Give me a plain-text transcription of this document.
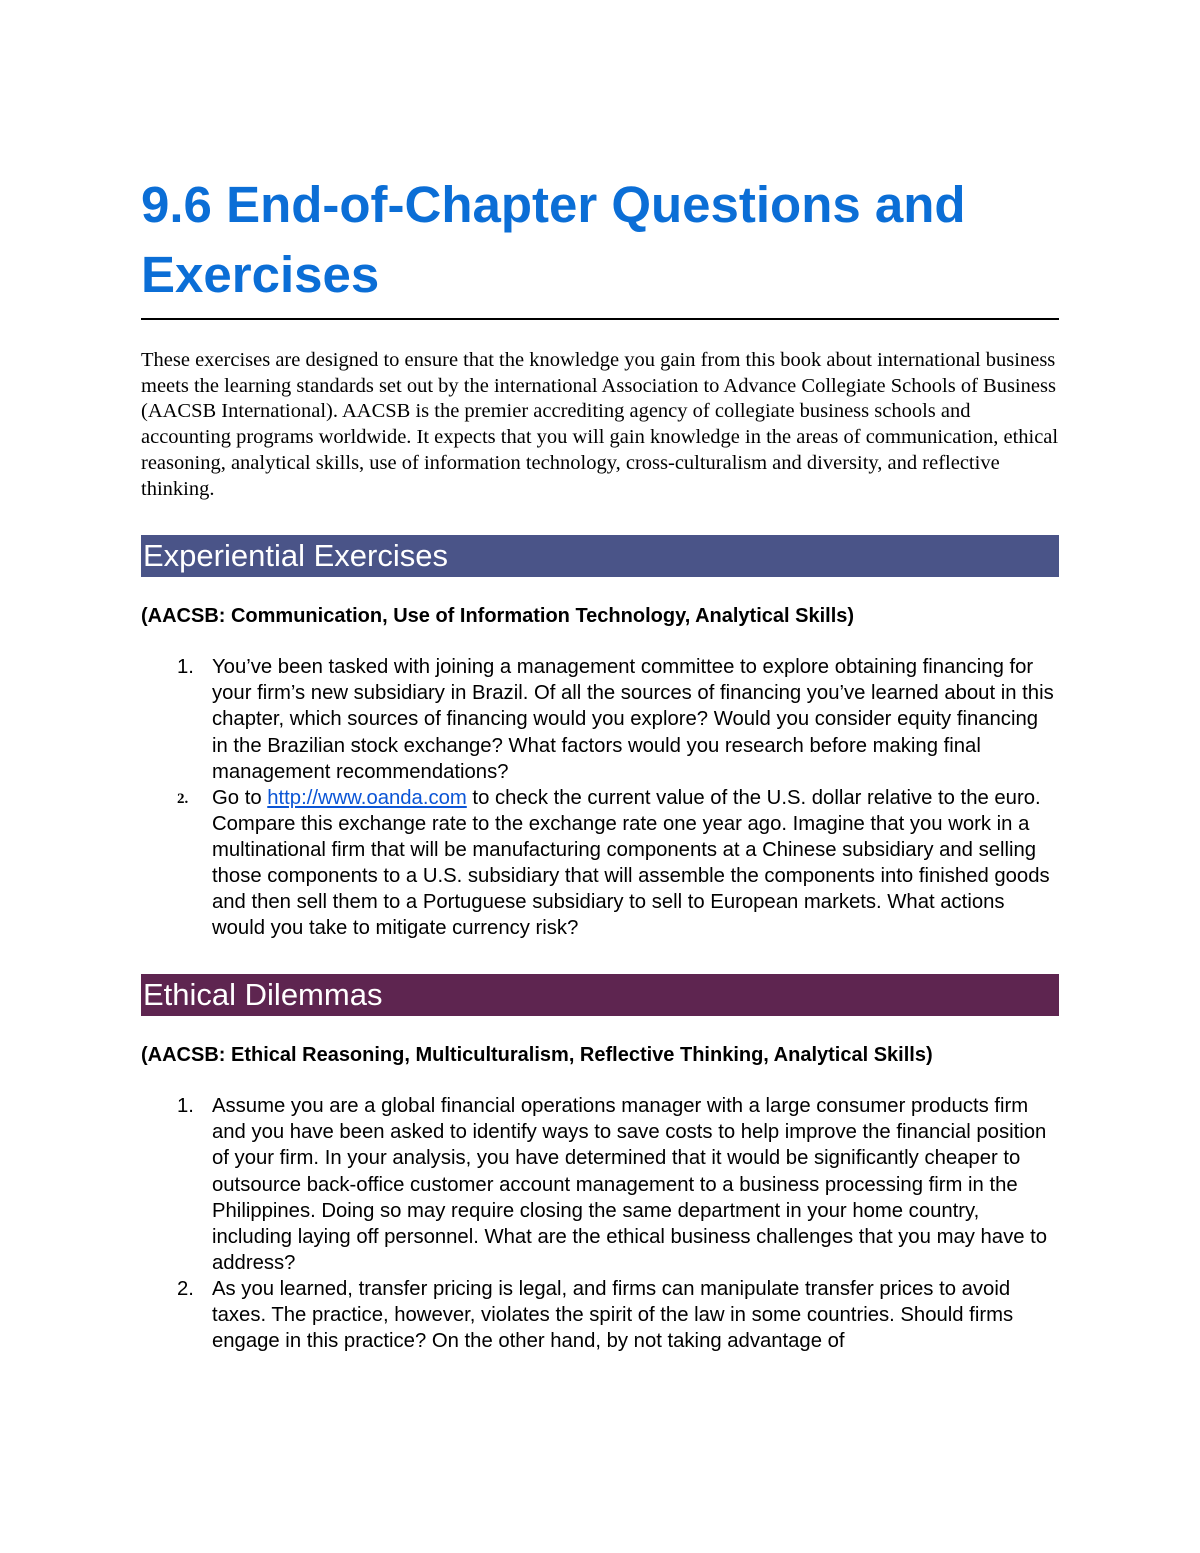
9.6 End-of-Chapter Questions and Exercises

These exercises are designed to ensure that the knowledge you gain from this book about international business meets the learning standards set out by the international Association to Advance Collegiate Schools of Business (AACSB International). AACSB is the premier accrediting agency of collegiate business schools and accounting programs worldwide. It expects that you will gain knowledge in the areas of communication, ethical reasoning, analytical skills, use of information technology, cross-culturalism and diversity, and reflective thinking.

Experiential Exercises

(AACSB: Communication, Use of Information Technology, Analytical Skills)

1. You’ve been tasked with joining a management committee to explore obtaining financing for your firm’s new subsidiary in Brazil. Of all the sources of financing you’ve learned about in this chapter, which sources of financing would you explore? Would you consider equity financing in the Brazilian stock exchange? What factors would you research before making final management recommendations?
2. Go to http://www.oanda.com to check the current value of the U.S. dollar relative to the euro. Compare this exchange rate to the exchange rate one year ago. Imagine that you work in a multinational firm that will be manufacturing components at a Chinese subsidiary and selling those components to a U.S. subsidiary that will assemble the components into finished goods and then sell them to a Portuguese subsidiary to sell to European markets. What actions would you take to mitigate currency risk?
Ethical Dilemmas

(AACSB: Ethical Reasoning, Multiculturalism, Reflective Thinking, Analytical Skills)

1. Assume you are a global financial operations manager with a large consumer products firm and you have been asked to identify ways to save costs to help improve the financial position of your firm. In your analysis, you have determined that it would be significantly cheaper to outsource back-office customer account management to a business processing firm in the Philippines. Doing so may require closing the same department in your home country, including laying off personnel. What are the ethical business challenges that you may have to address?
2. As you learned, transfer pricing is legal, and firms can manipulate transfer prices to avoid taxes. The practice, however, violates the spirit of the law in some countries. Should firms engage in this practice? On the other hand, by not taking advantage of
